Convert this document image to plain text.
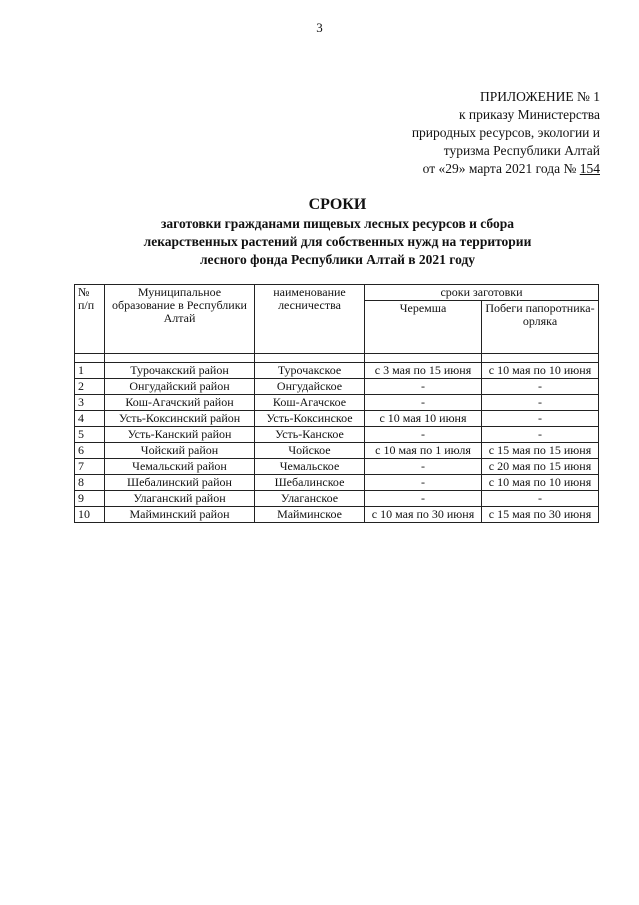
3
ПРИЛОЖЕНИЕ № 1
к приказу Министерства
природных ресурсов, экологии и
туризма Республики Алтай
от «29» марта 2021 года № 154
СРОКИ
заготовки гражданами пищевых лесных ресурсов и сбора
лекарственных растений для собственных нужд на территории
лесного фонда Республики Алтай в 2021 году
№ п/п	Муниципальное образование в Республики Алтай	наименование лесничества	сроки заготовки	
			Черемша	Побеги папоротника-орляка

1	Турочакский район	Турочакское	с 3 мая по 15 июня	с 10 мая по 10 июня
2	Онгудайский район	Онгудайское	-	-
3	Кош-Агачский район	Кош-Агачское	-	-
4	Усть-Коксинский район	Усть-Коксинское	с 10 мая 10 июня	-
5	Усть-Канский район	Усть-Канское	-	-
6	Чойский район	Чойское	с 10 мая по 1 июля	с 15 мая по 15 июня
7	Чемальский район	Чемальское	-	с 20 мая по 15 июня
8	Шебалинский район	Шебалинское	-	с 10 мая по 10 июня
9	Улаганский район	Улаганское	-	-
10	Майминский район	Майминское	с 10 мая по 30 июня	с 15 мая по 30 июня
